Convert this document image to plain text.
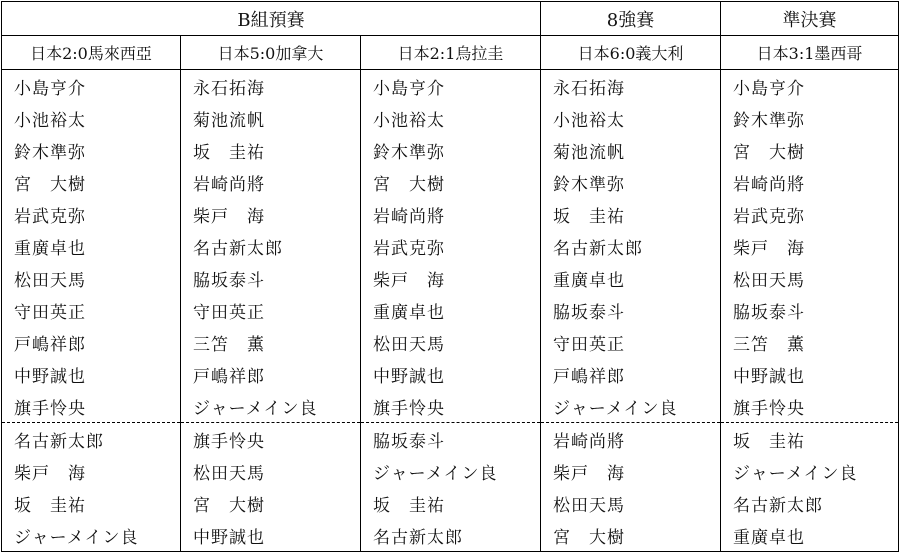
B組預賽			8強賽	準決賽
日本2:0馬來西亞	日本5:0加拿大	日本2:1烏拉圭	日本6:0義大利	日本3:1墨西哥
小島亨介	永石拓海	小島亨介	永石拓海	小島亨介
小池裕太	菊池流帆	小池裕太	小池裕太	鈴木準弥
鈴木準弥	坂　圭祐	鈴木準弥	菊池流帆	宮　大樹
宮　大樹	岩崎尚將	宮　大樹	鈴木準弥	岩崎尚將
岩武克弥	柴戸　海	岩崎尚將	坂　圭祐	岩武克弥
重廣卓也	名古新太郎	岩武克弥	名古新太郎	柴戸　海
松田天馬	脇坂泰斗	柴戸　海	重廣卓也	松田天馬
守田英正	守田英正	重廣卓也	脇坂泰斗	脇坂泰斗
戸嶋祥郎	三笘　薫	松田天馬	守田英正	三笘　薫
中野誠也	戸嶋祥郎	中野誠也	戸嶋祥郎	中野誠也
旗手怜央	ジャーメイン良	旗手怜央	ジャーメイン良	旗手怜央
名古新太郎	旗手怜央	脇坂泰斗	岩崎尚將	坂　圭祐
柴戸　海	松田天馬	ジャーメイン良	柴戸　海	ジャーメイン良
坂　圭祐	宮　大樹	坂　圭祐	松田天馬	名古新太郎
ジャーメイン良	中野誠也	名古新太郎	宮　大樹	重廣卓也
